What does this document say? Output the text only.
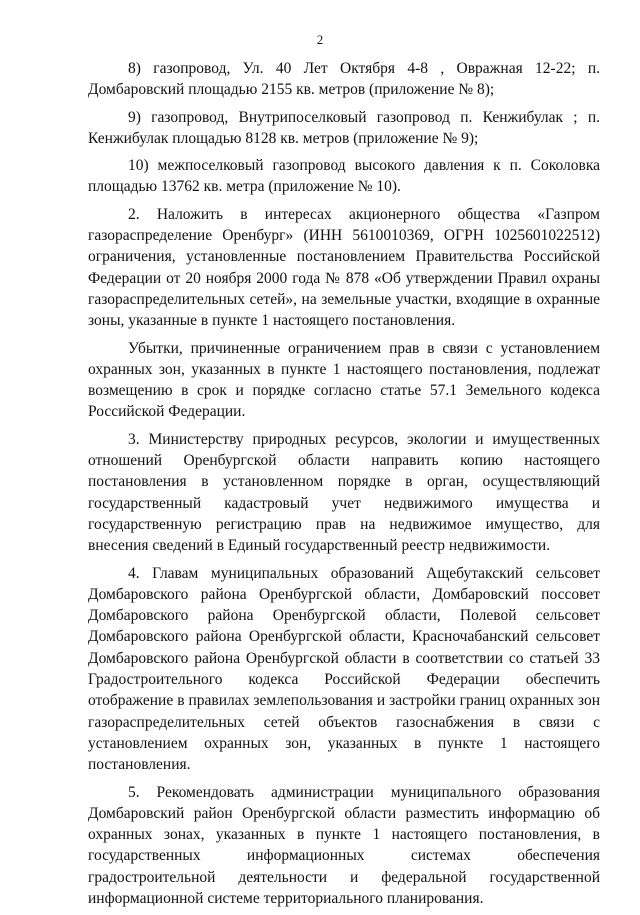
2

8) газопровод, Ул. 40 Лет Октября 4-8 , Овражная 12-22; п. Домбаровский площадью 2155 кв. метров (приложение № 8);

9) газопровод, Внутрипоселковый газопровод п. Кенжибулак ; п. Кенжибулак площадью 8128 кв. метров (приложение № 9);

10) межпоселковый газопровод высокого давления к п. Соколовка площадью 13762 кв. метра (приложение № 10).

2. Наложить в интересах акционерного общества «Газпром газораспределение Оренбург» (ИНН 5610010369, ОГРН 1025601022512) ограничения, установленные постановлением Правительства Российской Федерации от 20 ноября 2000 года № 878 «Об утверждении Правил охраны газораспределительных сетей», на земельные участки, входящие в охранные зоны, указанные в пункте 1 настоящего постановления.

Убытки, причиненные ограничением прав в связи с установлением охранных зон, указанных в пункте 1 настоящего постановления, подлежат возмещению в срок и порядке согласно статье 57.1 Земельного кодекса Российской Федерации.

3. Министерству природных ресурсов, экологии и имущественных отношений Оренбургской области направить копию настоящего постановления в установленном порядке в орган, осуществляющий государственный кадастровый учет недвижимого имущества и государственную регистрацию прав на недвижимое имущество, для внесения сведений в Единый государственный реестр недвижимости.

4. Главам муниципальных образований Ащебутакский сельсовет Домбаровского района Оренбургской области, Домбаровский поссовет Домбаровского района Оренбургской области, Полевой сельсовет Домбаровского района Оренбургской области, Красночабанский сельсовет Домбаровского района Оренбургской области в соответствии со статьей 33 Градостроительного кодекса Российской Федерации обеспечить отображение в правилах землепользования и застройки границ охранных зон газораспределительных сетей объектов газоснабжения в связи с установлением охранных зон, указанных в пункте 1 настоящего постановления.

5. Рекомендовать администрации муниципального образования Домбаровский район Оренбургской области разместить информацию об охранных зонах, указанных в пункте 1 настоящего постановления, в государственных информационных системах обеспечения градостроительной деятельности и федеральной государственной информационной системе территориального планирования.
